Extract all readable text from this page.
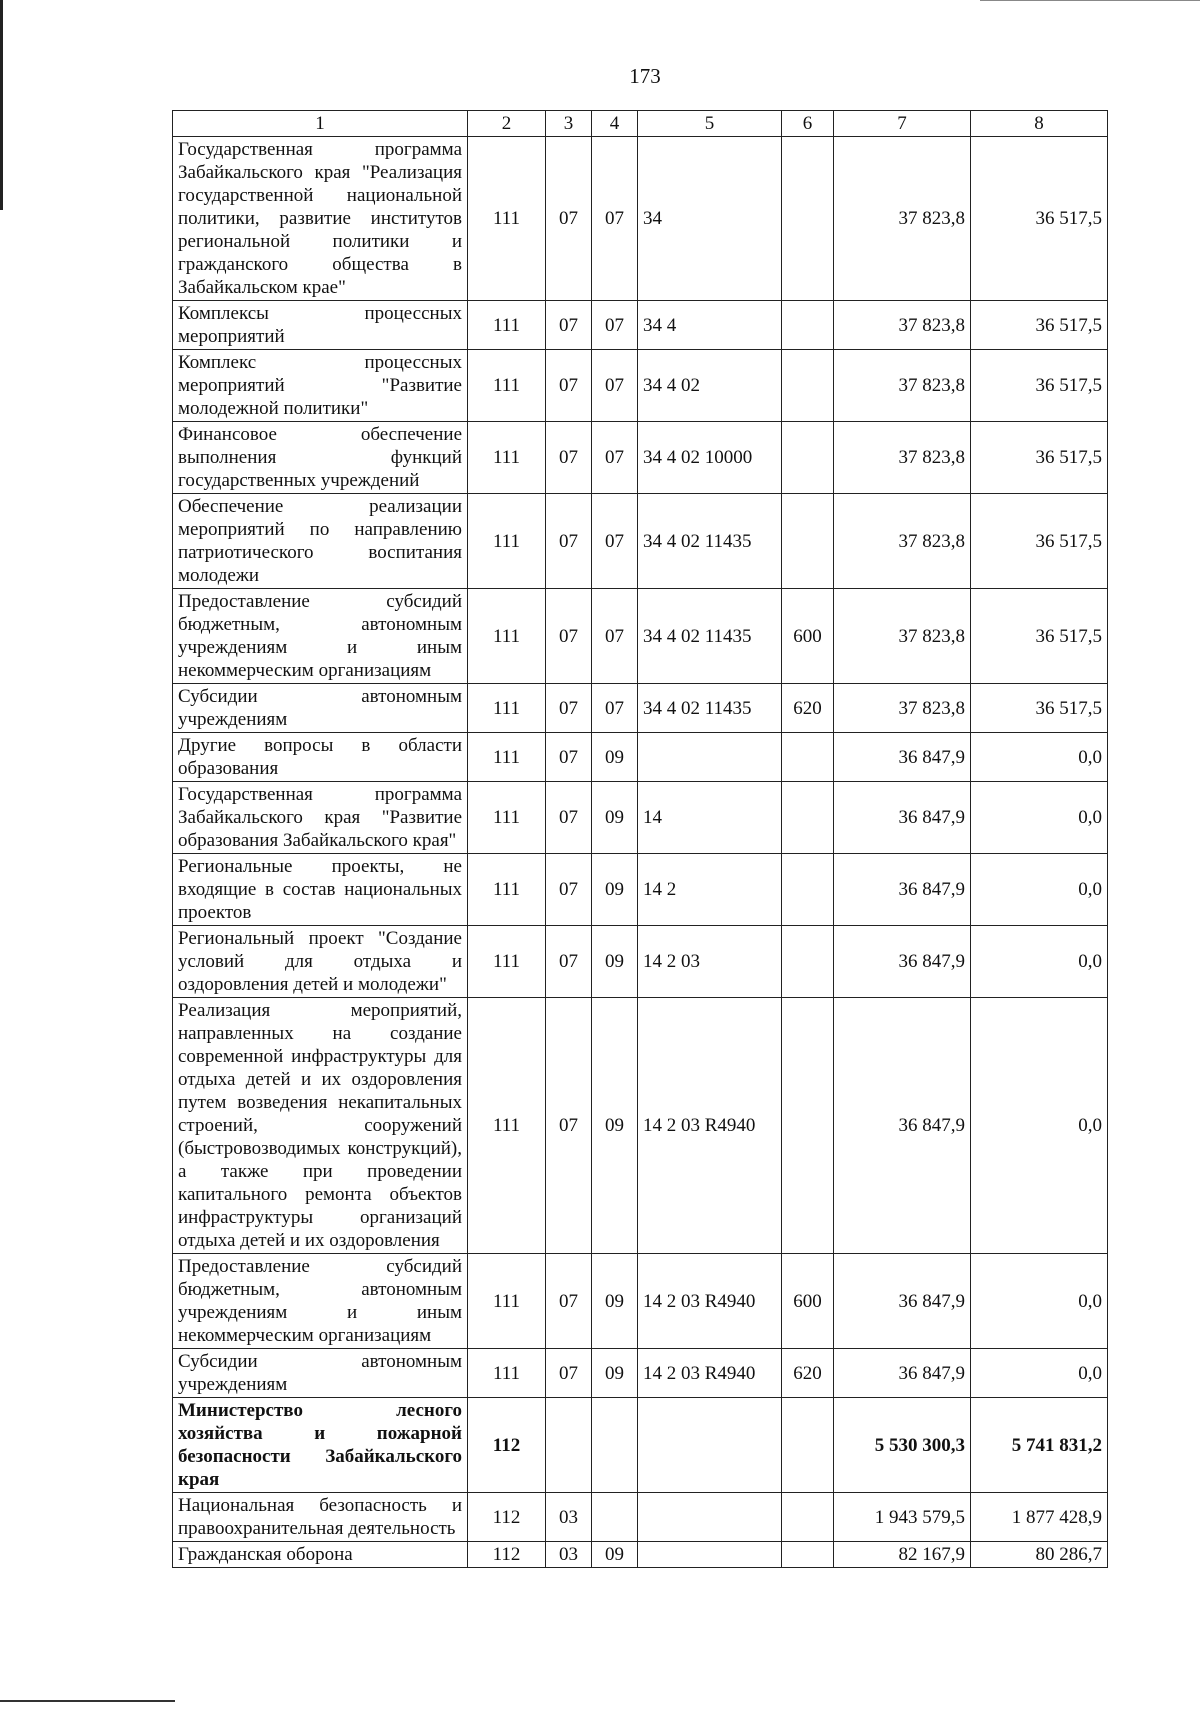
173
1	2	3	4	5	6	7	8
Государственная программа Забайкальского края "Реализация государственной национальной политики, развитие институтов региональной политики и гражданского общества в Забайкальском крае"	111	07	07	34		37 823,8	36 517,5
Комплексы процессных мероприятий	111	07	07	34 4		37 823,8	36 517,5
Комплекс процессных мероприятий "Развитие молодежной политики"	111	07	07	34 4 02		37 823,8	36 517,5
Финансовое обеспечение выполнения функций государственных учреждений	111	07	07	34 4 02 10000		37 823,8	36 517,5
Обеспечение реализации мероприятий по направлению патриотического воспитания молодежи	111	07	07	34 4 02 11435		37 823,8	36 517,5
Предоставление субсидий бюджетным, автономным учреждениям и иным некоммерческим организациям	111	07	07	34 4 02 11435	600	37 823,8	36 517,5
Субсидии автономным учреждениям	111	07	07	34 4 02 11435	620	37 823,8	36 517,5
Другие вопросы в области образования	111	07	09			36 847,9	0,0
Государственная программа Забайкальского края "Развитие образования Забайкальского края"	111	07	09	14		36 847,9	0,0
Региональные проекты, не входящие в состав национальных проектов	111	07	09	14 2		36 847,9	0,0
Региональный проект "Создание условий для отдыха и оздоровления детей и молодежи"	111	07	09	14 2 03		36 847,9	0,0
Реализация мероприятий, направленных на создание современной инфраструктуры для отдыха детей и их оздоровления путем возведения некапитальных строений, сооружений (быстровозводимых конструкций), а также при проведении капитального ремонта объектов инфраструктуры организаций отдыха детей и их оздоровления	111	07	09	14 2 03 R4940		36 847,9	0,0
Предоставление субсидий бюджетным, автономным учреждениям и иным некоммерческим организациям	111	07	09	14 2 03 R4940	600	36 847,9	0,0
Субсидии автономным учреждениям	111	07	09	14 2 03 R4940	620	36 847,9	0,0
Министерство лесного хозяйства и пожарной безопасности Забайкальского края	112					5 530 300,3	5 741 831,2
Национальная безопасность и правоохранительная деятельность	112	03				1 943 579,5	1 877 428,9
Гражданская оборона	112	03	09			82 167,9	80 286,7
